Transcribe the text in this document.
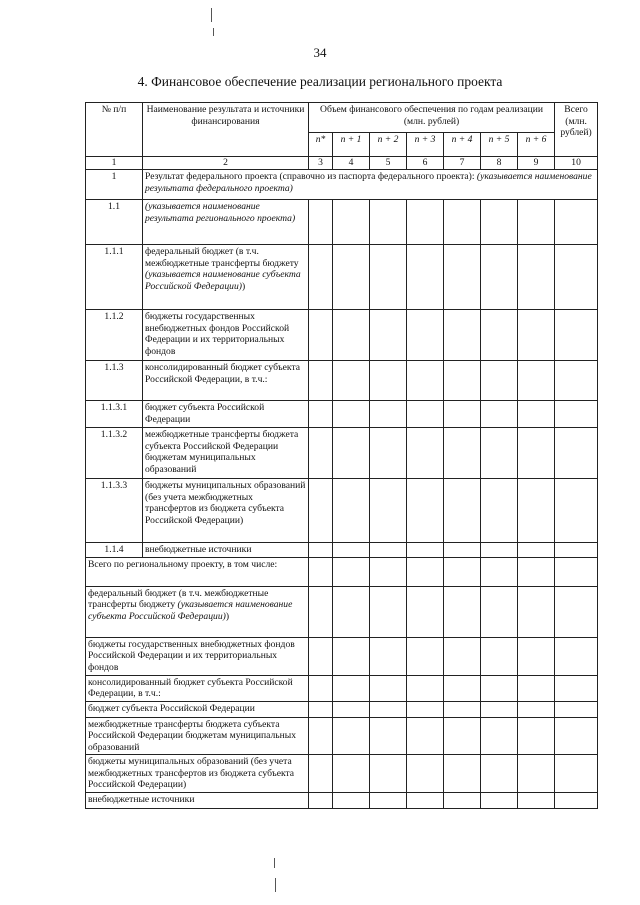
34
4. Финансовое обеспечение реализации регионального проекта
№ п/п	Наименование результата и источники финансирования	Объем финансового обеспечения по годам реализации (млн. рублей)							Всего (млн. рублей)
		n*	n + 1	n + 2	n + 3	n + 4	n + 5	n + 6	
1	2	3	4	5	6	7	8	9	10
1	Результат федерального проекта (справочно из паспорта федерального проекта): (указывается наименование результата федерального проекта)								
1.1	(указывается наименование результата регионального проекта)								
1.1.1	федеральный бюджет (в т.ч. межбюджетные трансферты бюджету (указывается наименование субъекта Российской Федерации))								
1.1.2	бюджеты государственных внебюджетных фондов Российской Федерации и их территориальных фондов								
1.1.3	консолидированный бюджет субъекта Российской Федерации, в т.ч.:								
1.1.3.1	бюджет субъекта Российской Федерации								
1.1.3.2	межбюджетные трансферты бюджета субъекта Российской Федерации бюджетам муниципальных образований								
1.1.3.3	бюджеты муниципальных образований (без учета межбюджетных трансфертов из бюджета субъекта Российской Федерации)								
1.1.4	внебюджетные источники								
Всего по региональному проекту, в том числе:									
федеральный бюджет (в т.ч. межбюджетные трансферты бюджету (указывается наименование субъекта Российской Федерации))									
бюджеты государственных внебюджетных фондов Российской Федерации и их территориальных фондов									
консолидированный бюджет субъекта Российской Федерации, в т.ч.:									
бюджет субъекта Российской Федерации									
межбюджетные трансферты бюджета субъекта Российской Федерации бюджетам муниципальных образований									
бюджеты муниципальных образований (без учета межбюджетных трансфертов из бюджета субъекта Российской Федерации)									
внебюджетные источники									
